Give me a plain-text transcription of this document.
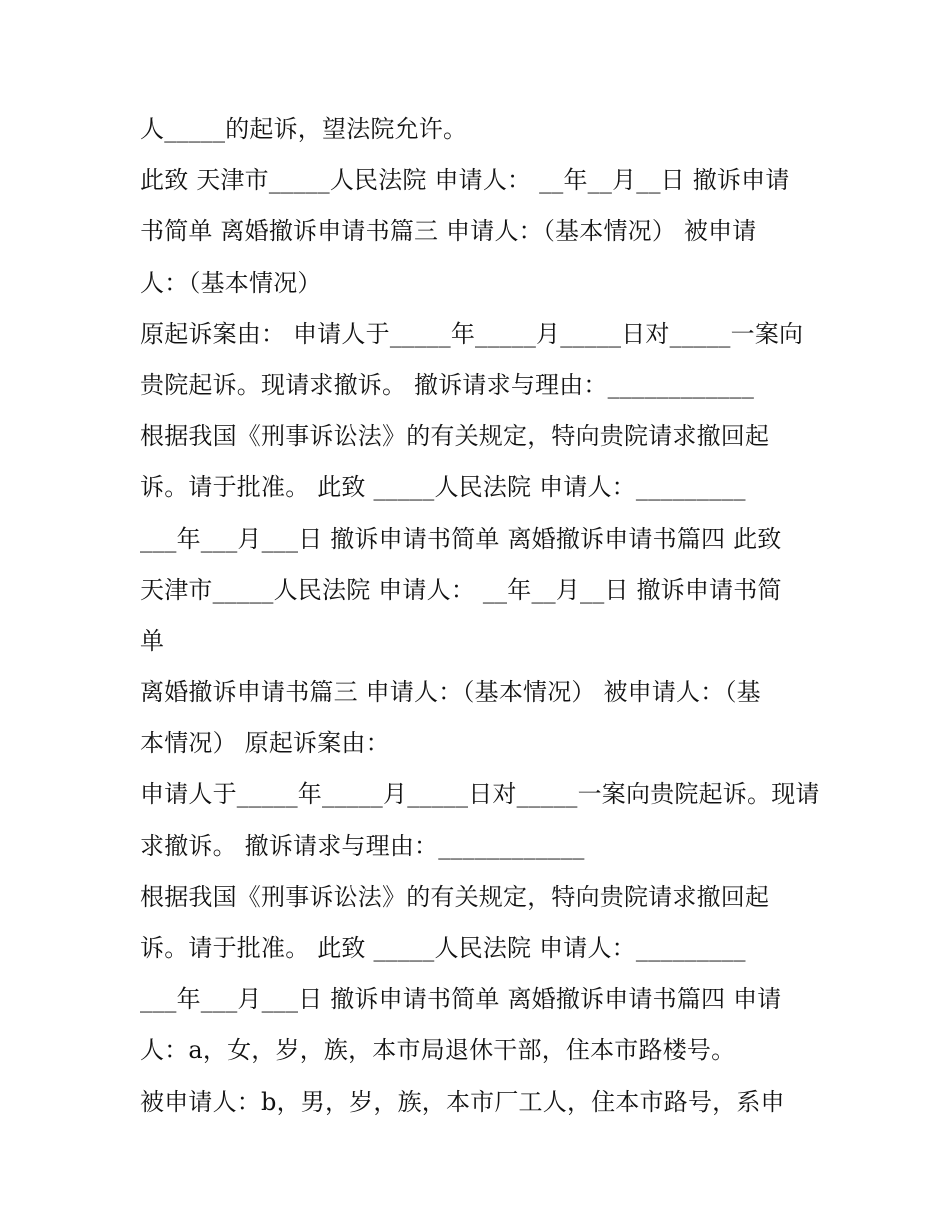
人_____的起诉，望法院允许。
此致 天津市_____人民法院 申请人： __年__月__日 撤诉申请
书简单 离婚撤诉申请书篇三 申请人：（基本情况） 被申请
人：（基本情况）
原起诉案由： 申请人于_____年_____月_____日对_____一案向
贵院起诉。现请求撤诉。 撤诉请求与理由：____________
根据我国《刑事诉讼法》的有关规定，特向贵院请求撤回起
诉。请于批准。 此致 _____人民法院 申请人：_________
___年___月___日 撤诉申请书简单 离婚撤诉申请书篇四 此致
天津市_____人民法院 申请人： __年__月__日 撤诉申请书简
单
离婚撤诉申请书篇三 申请人：（基本情况） 被申请人：（基
本情况） 原起诉案由：
申请人于_____年_____月_____日对_____一案向贵院起诉。现请
求撤诉。 撤诉请求与理由：____________
根据我国《刑事诉讼法》的有关规定，特向贵院请求撤回起
诉。请于批准。 此致 _____人民法院 申请人：_________
___年___月___日 撤诉申请书简单 离婚撤诉申请书篇四 申请
人：a，女，岁，族，本市局退休干部，住本市路楼号。
被申请人：b，男，岁，族，本市厂工人，住本市路号，系申
